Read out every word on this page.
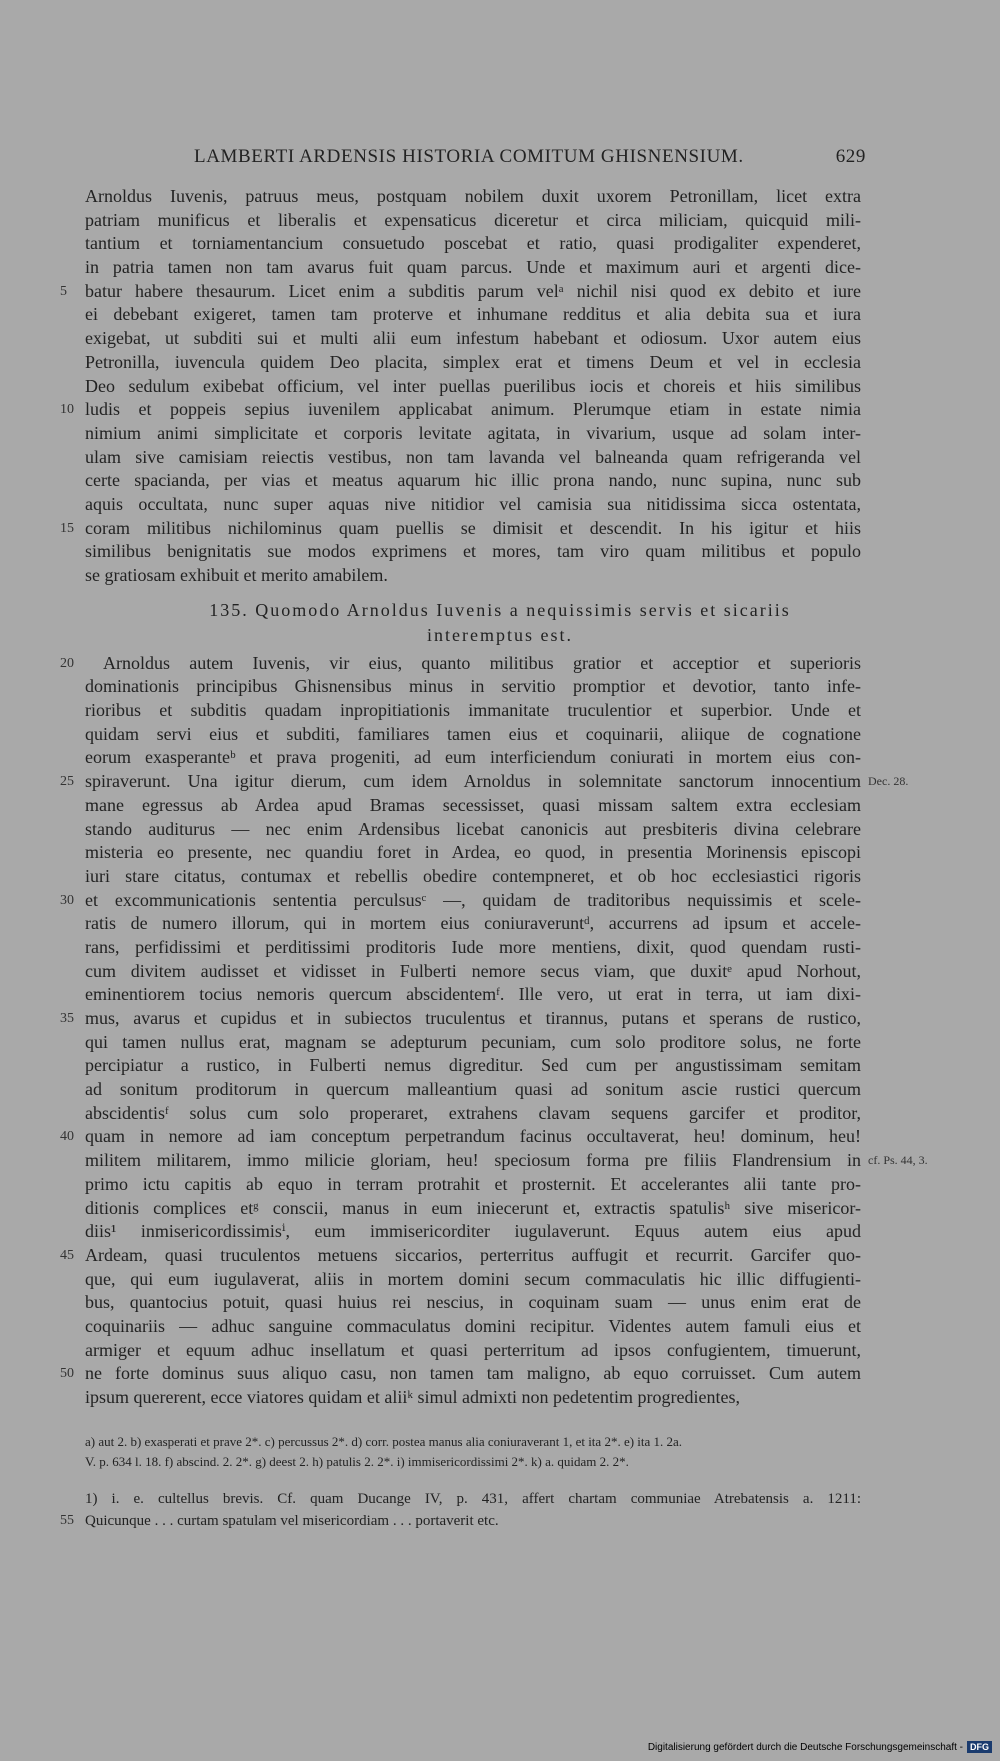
LAMBERTI ARDENSIS HISTORIA COMITUM GHISNENSIUM.	629
Arnoldus Iuvenis, patruus meus, postquam nobilem duxit uxorem Petronillam, licet extra
patriam munificus et liberalis et expensaticus diceretur et circa miliciam, quicquid mili-
tantium et torniamentancium consuetudo poscebat et ratio, quasi prodigaliter expenderet,
in patria tamen non tam avarus fuit quam parcus. Unde et maximum auri et argenti dice-
5	batur habere thesaurum. Licet enim a subditis parum velᵃ nichil nisi quod ex debito et iure
ei debebant exigeret, tamen tam proterve et inhumane redditus et alia debita sua et iura
exigebat, ut subditi sui et multi alii eum infestum habebant et odiosum. Uxor autem eius
Petronilla, iuvencula quidem Deo placita, simplex erat et timens Deum et vel in ecclesia
Deo sedulum exibebat officium, vel inter puellas puerilibus iocis et choreis et hiis similibus
10 ludis et poppeis sepius iuvenilem applicabat animum. Plerumque etiam in estate nimia
nimium animi simplicitate et corporis levitate agitata, in vivarium, usque ad solam inter-
ulam sive camisiam reiectis vestibus, non tam lavanda vel balneanda quam refrigeranda vel
certe spacianda, per vias et meatus aquarum hic illic prona nando, nunc supina, nunc sub
aquis occultata, nunc super aquas nive nitidior vel camisia sua nitidissima sicca ostentata,
15 coram militibus nichilominus quam puellis se dimisit et descendit. In his igitur et hiis
similibus benignitatis sue modos exprimens et mores, tam viro quam militibus et populo
se gratiosam exhibuit et merito amabilem.
135. Quomodo Arnoldus Iuvenis a nequissimis servis et sicariis
interemptus est.
20  Arnoldus autem Iuvenis, vir eius, quanto militibus gratior et acceptior et superioris
dominationis principibus Ghisnensibus minus in servitio promptior et devotior, tanto infe-
rioribus et subditis quadam inpropitiationis immanitate truculentior et superbior. Unde et
quidam servi eius et subditi, familiares tamen eius et coquinarii, aliique de cognatione
eorum exasperanteᵇ et prava progeniti, ad eum interficiendum coniurati in mortem eius con-
25 spiraverunt. Una igitur dierum, cum idem Arnoldus in solemnitate sanctorum innocentium Dec. 28.
mane egressus ab Ardea apud Bramas secessisset, quasi missam saltem extra ecclesiam
stando auditurus — nec enim Ardensibus licebat canonicis aut presbiteris divina celebrare
misteria eo presente, nec quandiu foret in Ardea, eo quod, in presentia Morinensis episcopi
iuri stare citatus, contumax et rebellis obedire contempneret, et ob hoc ecclesiastici rigoris
30 et excommunicationis sententia perculsusᶜ —, quidam de traditoribus nequissimis et scele-
ratis de numero illorum, qui in mortem eius coniuraveruntᵈ, accurrens ad ipsum et accele-
rans, perfidissimi et perditissimi proditoris Iude more mentiens, dixit, quod quendam rusti-
cum divitem audisset et vidisset in Fulberti nemore secus viam, que duxitᵉ apud Norhout,
eminentiorem tocius nemoris quercum abscidentemᶠ. Ille vero, ut erat in terra, ut iam dixi-
35 mus, avarus et cupidus et in subiectos truculentus et tirannus, putans et sperans de rustico,
qui tamen nullus erat, magnam se adepturum pecuniam, cum solo proditore solus, ne forte
percipiatur a rustico, in Fulberti nemus digreditur. Sed cum per angustissimam semitam
ad sonitum proditorum in quercum malleantium quasi ad sonitum ascie rustici quercum
abscidentisᶠ solus cum solo properaret, extrahens clavam sequens garcifer et proditor,
40 quam in nemore ad iam conceptum perpetrandum facinus occultaverat, heu! dominum, heu!
militem militarem, immo milicie gloriam, heu! speciosum forma pre filiis Flandrensium in cf. Ps. 44, 3.
primo ictu capitis ab equo in terram protrahit et prosternit. Et accelerantes alii tante pro-
ditionis complices etᵍ conscii, manus in eum iniecerunt et, extractis spatulisʰ sive misericor-
diis¹ inmisericordissimisⁱ, eum immisericorditer iugulaverunt. Equus autem eius apud
45 Ardeam, quasi truculentos metuens siccarios, perterritus auffugit et recurrit. Garcifer quo-
que, qui eum iugulaverat, aliis in mortem domini secum commaculatis hic illic diffugienti-
bus, quantocius potuit, quasi huius rei nescius, in coquinam suam — unus enim erat de
coquinariis — adhuc sanguine commaculatus domini recipitur. Videntes autem famuli eius et
armiger et equum adhuc insellatum et quasi perterritum ad ipsos confugientem, timuerunt,
50 ne forte dominus suus aliquo casu, non tamen tam maligno, ab equo corruisset. Cum autem
ipsum quererent, ecce viatores quidam et aliiᵏ simul admixti non pedetentim progredientes,
a) aut 2. b) exasperati et prave 2*. c) percussus 2*. d) corr. postea manus alia coniuraverant 1, et ita 2*. e) ita 1. 2a.
V. p. 634 l. 18. f) abscind. 2. 2*. g) deest 2. h) patulis 2. 2*. i) immisericordissimi 2*. k) a. quidam 2. 2*.
1) i. e. cultellus brevis. Cf. quam Ducange IV, p. 431, affert chartam communiae Atrebatensis a. 1211:
55 Quicunque . . . curtam spatulam vel misericordiam . . . portaverit etc.
Digitalisierung gefördert durch die Deutsche Forschungsgemeinschaft - DFG
